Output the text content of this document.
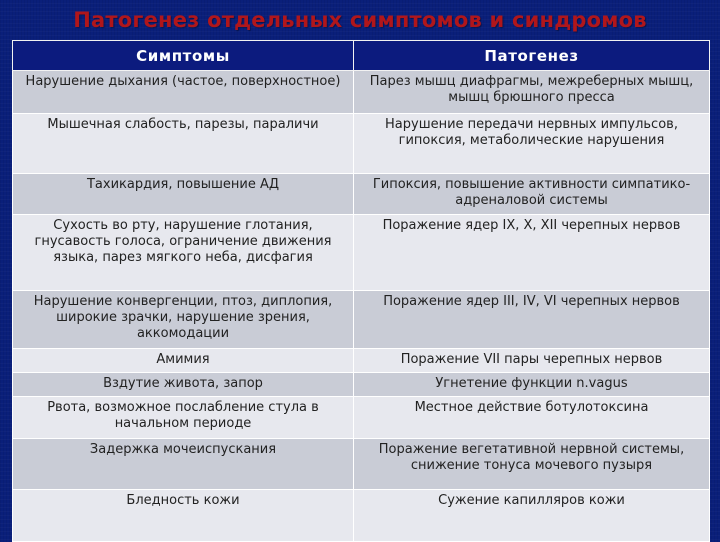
Патогенез отдельных симптомов и синдромов
Симптомы	Патогенез
Нарушение дыхания (частое, поверхностное)	Парез мышц диафрагмы, межреберных мышц, мышц брюшного пресса
Мышечная слабость, парезы, параличи	Нарушение передачи нервных импульсов, гипоксия, метаболические нарушения
Тахикардия, повышение АД	Гипоксия, повышение активности симпатико-адреналовой системы
Сухость во рту, нарушение глотания, гнусавость голоса, ограничение движения языка, парез мягкого неба, дисфагия	Поражение ядер IX, X, XII черепных нервов
Нарушение конвергенции, птоз, диплопия, широкие зрачки, нарушение зрения, аккомодации	Поражение ядер III, IV, VI черепных нервов
Амимия	Поражение VII пары черепных нервов
Вздутие живота, запор	Угнетение функции n.vagus
Рвота, возможное послабление стула в начальном периоде	Местное действие ботулотоксина
Задержка мочеиспускания	Поражение вегетативной нервной системы, снижение тонуса мочевого пузыря
Бледность кожи	Сужение капилляров кожи
